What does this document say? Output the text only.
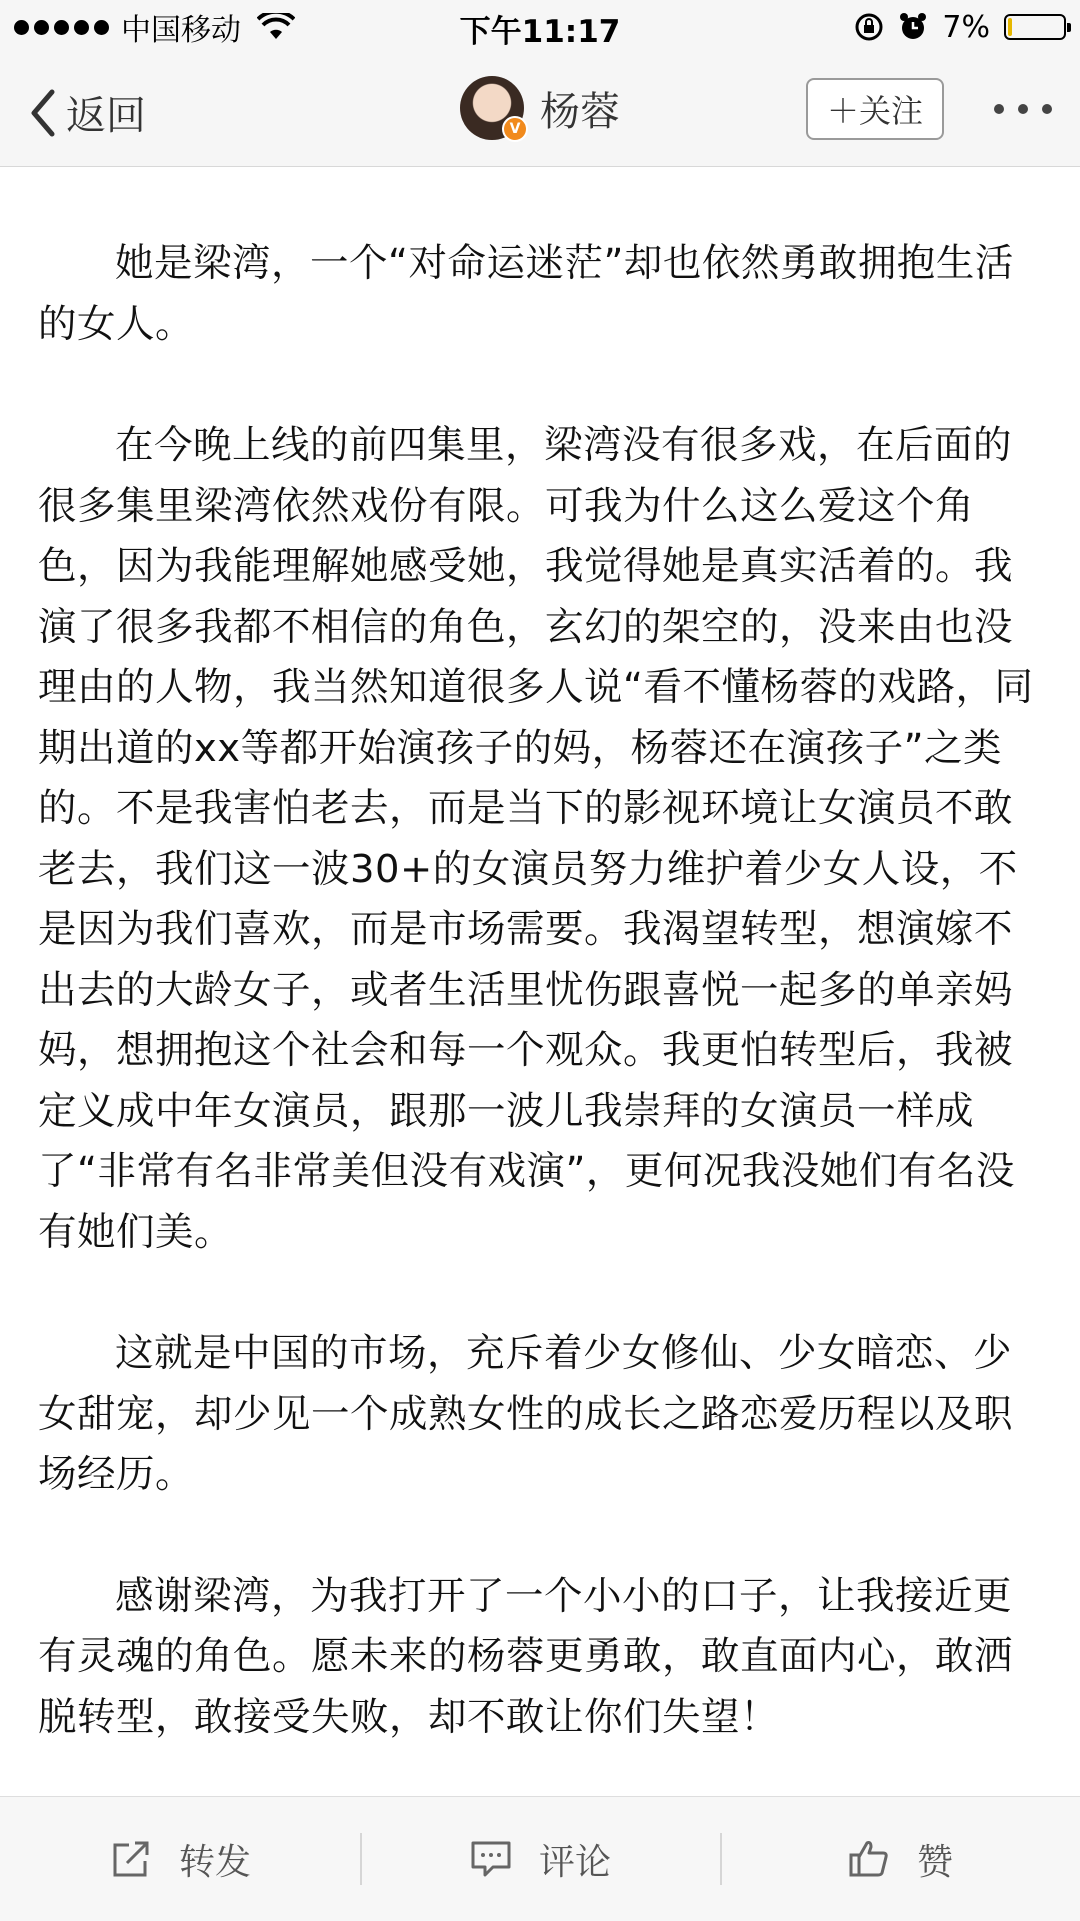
中国移动	下午11:17	7%
返回	V 杨蓉	＋关注

她是梁湾，一个“对命运迷茫”却也依然勇敢拥抱生活的女人。

在今晚上线的前四集里，梁湾没有很多戏，在后面的很多集里梁湾依然戏份有限。可我为什么这么爱这个角色，因为我能理解她感受她，我觉得她是真实活着的。我演了很多我都不相信的角色，玄幻的架空的，没来由也没理由的人物，我当然知道很多人说“看不懂杨蓉的戏路，同期出道的xx等都开始演孩子的妈，杨蓉还在演孩子”之类的。不是我害怕老去，而是当下的影视环境让女演员不敢老去，我们这一波30+的女演员努力维护着少女人设，不是因为我们喜欢，而是市场需要。我渴望转型，想演嫁不出去的大龄女子，或者生活里忧伤跟喜悦一起多的单亲妈妈，想拥抱这个社会和每一个观众。我更怕转型后，我被定义成中年女演员，跟那一波儿我崇拜的女演员一样成了“非常有名非常美但没有戏演”，更何况我没她们有名没有她们美。

这就是中国的市场，充斥着少女修仙、少女暗恋、少女甜宠，却少见一个成熟女性的成长之路恋爱历程以及职场经历。

感谢梁湾，为我打开了一个小小的口子，让我接近更有灵魂的角色。愿未来的杨蓉更勇敢，敢直面内心，敢洒脱转型，敢接受失败，却不敢让你们失望！

转发	评论	赞
